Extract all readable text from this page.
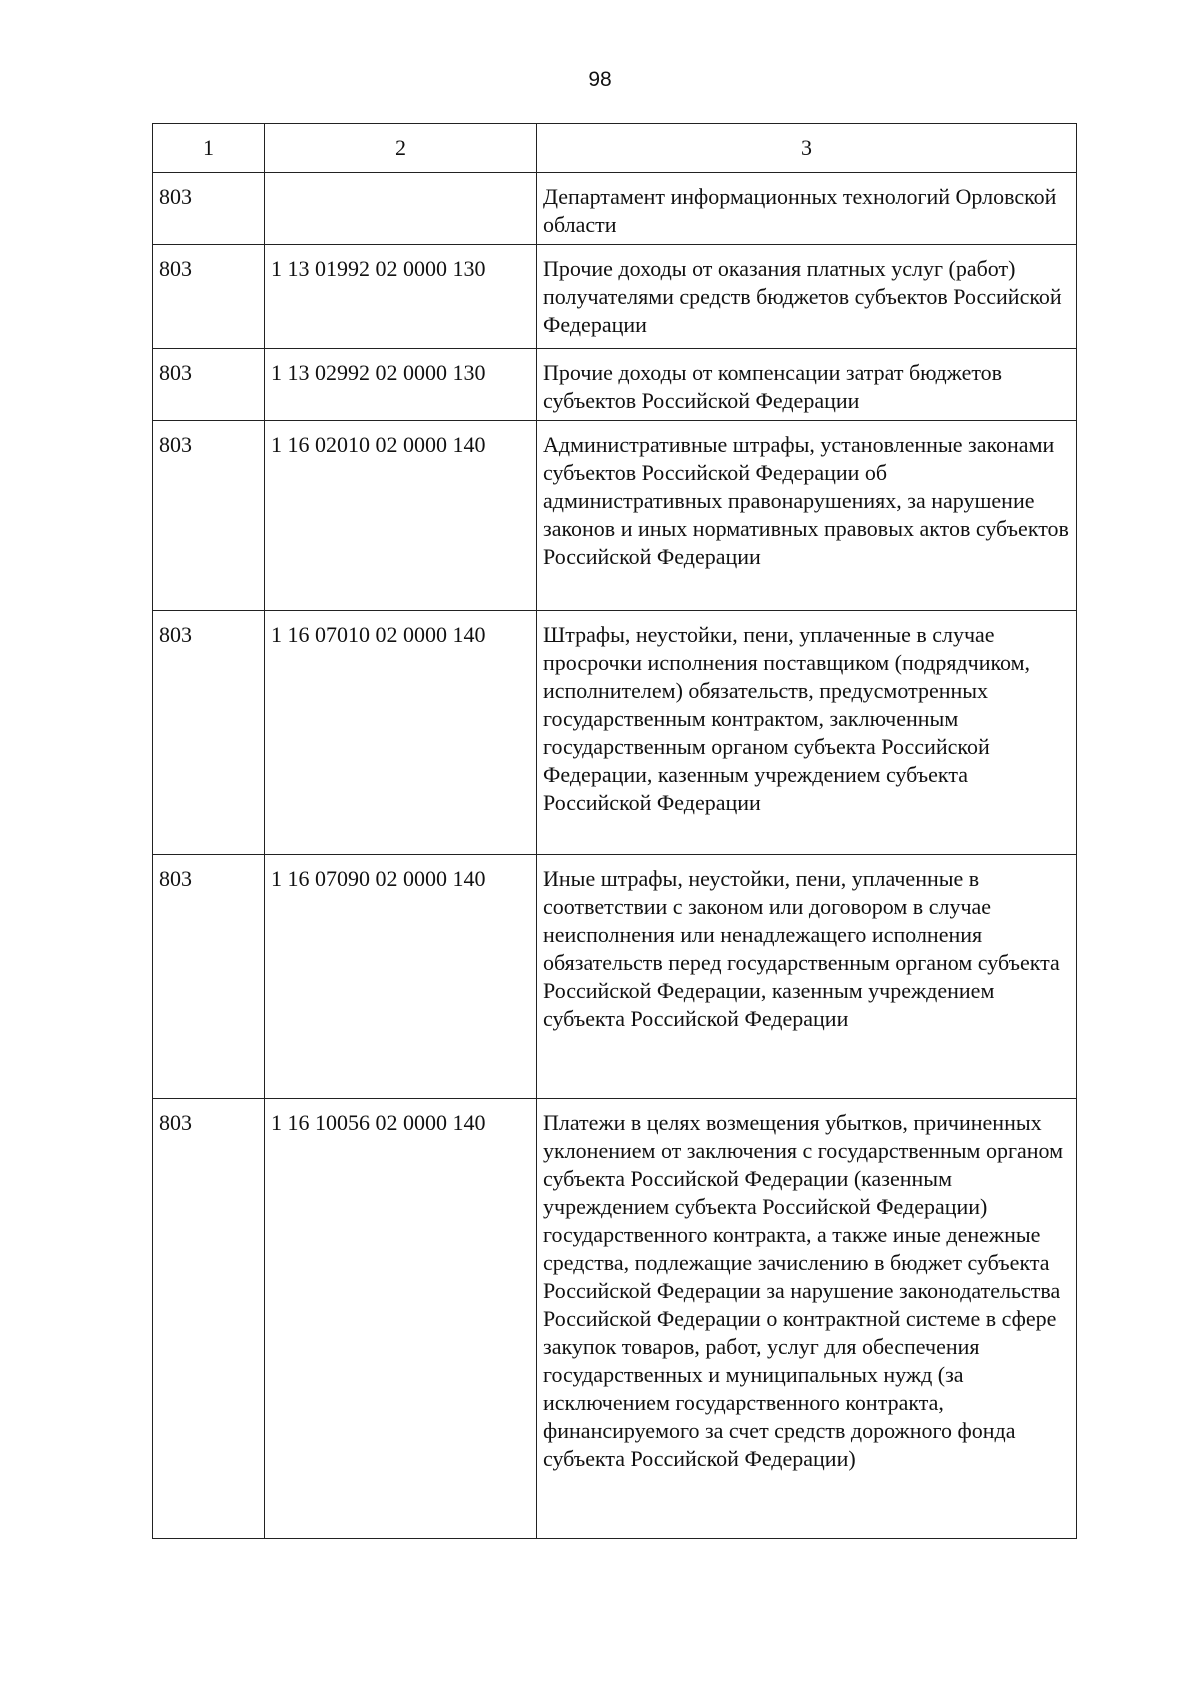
98
1	2	3
803		Департамент информационных технологий Орловской области
803	1 13 01992 02 0000 130	Прочие доходы от оказания платных услуг (работ) получателями средств бюджетов субъектов Российской Федерации
803	1 13 02992 02 0000 130	Прочие доходы от компенсации затрат бюджетов субъектов Российской Федерации
803	1 16 02010 02 0000 140	Административные штрафы, установленные законами субъектов Российской Федерации об административных правонарушениях, за нарушение законов и иных нормативных правовых актов субъектов Российской Федерации
803	1 16 07010 02 0000 140	Штрафы, неустойки, пени, уплаченные в случае просрочки исполнения поставщиком (подрядчиком, исполнителем) обязательств, предусмотренных государственным контрактом, заключенным государственным органом субъекта Российской Федерации, казенным учреждением субъекта Российской Федерации
803	1 16 07090 02 0000 140	Иные штрафы, неустойки, пени, уплаченные в соответствии с законом или договором в случае неисполнения или ненадлежащего исполнения обязательств перед государственным органом субъекта Российской Федерации, казенным учреждением субъекта Российской Федерации
803	1 16 10056 02 0000 140	Платежи в целях возмещения убытков, причиненных уклонением от заключения с государственным органом субъекта Российской Федерации (казенным учреждением субъекта Российской Федерации) государственного контракта, а также иные денежные средства, подлежащие зачислению в бюджет субъекта Российской Федерации за нарушение законодательства Российской Федерации о контрактной системе в сфере закупок товаров, работ, услуг для обеспечения государственных и муниципальных нужд (за исключением государственного контракта, финансируемого за счет средств дорожного фонда субъекта Российской Федерации)
